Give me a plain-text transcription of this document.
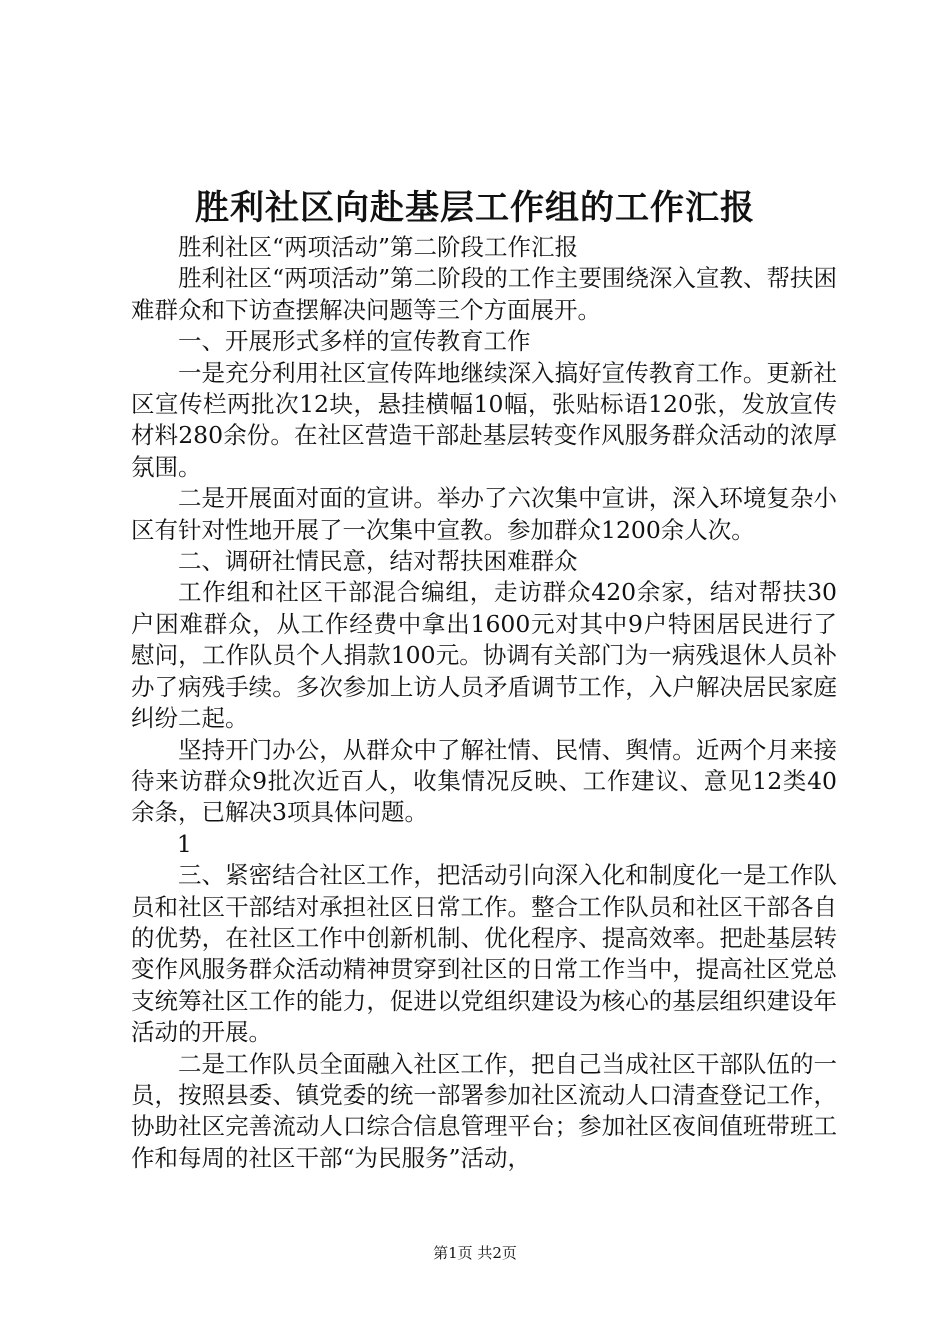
胜利社区向赴基层工作组的工作汇报

胜利社区“两项活动”第二阶段工作汇报

胜利社区“两项活动”第二阶段的工作主要围绕深入宣教、帮扶困难群众和下访查摆解决问题等三个方面展开。

一、开展形式多样的宣传教育工作

一是充分利用社区宣传阵地继续深入搞好宣传教育工作。更新社区宣传栏两批次12块，悬挂横幅10幅，张贴标语120张，发放宣传材料280余份。在社区营造干部赴基层转变作风服务群众活动的浓厚氛围。

二是开展面对面的宣讲。举办了六次集中宣讲，深入环境复杂小区有针对性地开展了一次集中宣教。参加群众1200余人次。

二、调研社情民意，结对帮扶困难群众

工作组和社区干部混合编组，走访群众420余家，结对帮扶30户困难群众，从工作经费中拿出1600元对其中9户特困居民进行了慰问，工作队员个人捐款100元。协调有关部门为一病残退休人员补办了病残手续。多次参加上访人员矛盾调节工作，入户解决居民家庭纠纷二起。

坚持开门办公，从群众中了解社情、民情、舆情。近两个月来接待来访群众9批次近百人，收集情况反映、工作建议、意见12类40余条，已解决3项具体问题。

1

三、紧密结合社区工作，把活动引向深入化和制度化一是工作队员和社区干部结对承担社区日常工作。整合工作队员和社区干部各自的优势，在社区工作中创新机制、优化程序、提高效率。把赴基层转变作风服务群众活动精神贯穿到社区的日常工作当中，提高社区党总支统筹社区工作的能力，促进以党组织建设为核心的基层组织建设年活动的开展。

二是工作队员全面融入社区工作，把自己当成社区干部队伍的一员，按照县委、镇党委的统一部署参加社区流动人口清查登记工作，协助社区完善流动人口综合信息管理平台；参加社区夜间值班带班工作和每周的社区干部“为民服务”活动，

第1页 共2页
